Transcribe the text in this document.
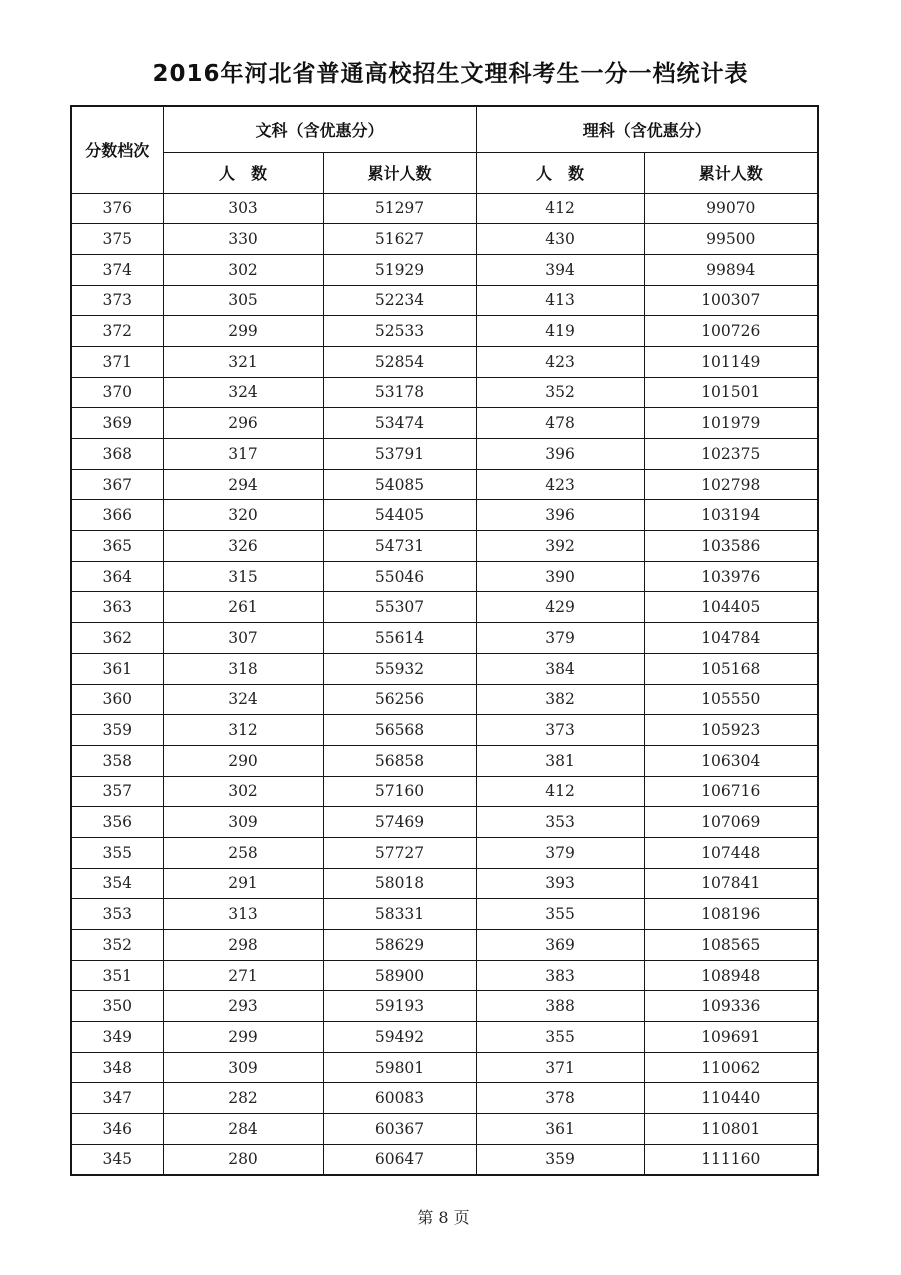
2016年河北省普通高校招生文理科考生一分一档统计表
分数档次	文科（含优惠分）		理科（含优惠分）	
	人　数	累计人数	人　数	累计人数
376	303	51297	412	99070
375	330	51627	430	99500
374	302	51929	394	99894
373	305	52234	413	100307
372	299	52533	419	100726
371	321	52854	423	101149
370	324	53178	352	101501
369	296	53474	478	101979
368	317	53791	396	102375
367	294	54085	423	102798
366	320	54405	396	103194
365	326	54731	392	103586
364	315	55046	390	103976
363	261	55307	429	104405
362	307	55614	379	104784
361	318	55932	384	105168
360	324	56256	382	105550
359	312	56568	373	105923
358	290	56858	381	106304
357	302	57160	412	106716
356	309	57469	353	107069
355	258	57727	379	107448
354	291	58018	393	107841
353	313	58331	355	108196
352	298	58629	369	108565
351	271	58900	383	108948
350	293	59193	388	109336
349	299	59492	355	109691
348	309	59801	371	110062
347	282	60083	378	110440
346	284	60367	361	110801
345	280	60647	359	111160
第 8 页
